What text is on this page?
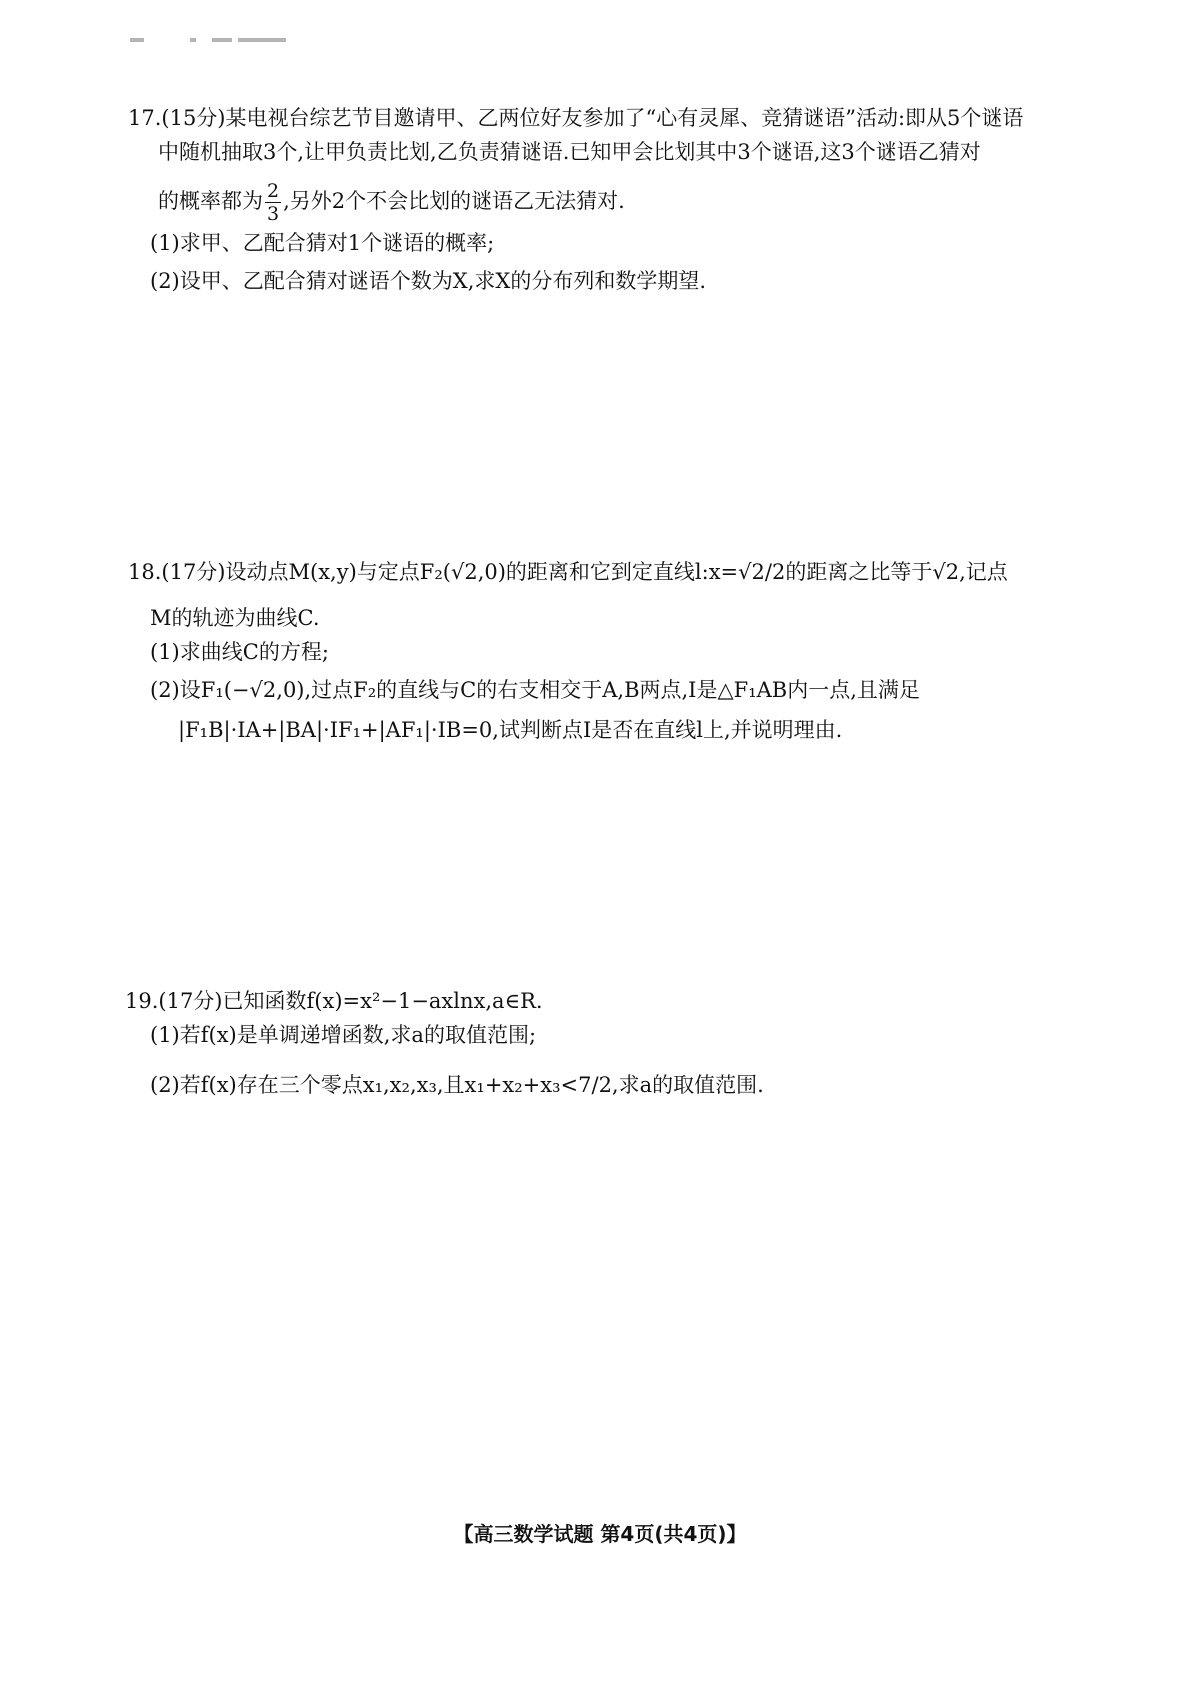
17.(15分)某电视台综艺节目邀请甲、乙两位好友参加了“心有灵犀、竞猜谜语”活动:即从5个谜语
中随机抽取3个,让甲负责比划,乙负责猜谜语.已知甲会比划其中3个谜语,这3个谜语乙猜对
的概率都为 $\frac{2}{3}$ ,另外2个不会比划的谜语乙无法猜对.
(1)求甲、乙配合猜对1个谜语的概率;
(2)设甲、乙配合猜对谜语个数为X,求X的分布列和数学期望.
18.(17分)设动点M(x,y)与定点F₂(√2,0)的距离和它到定直线l:x=√2/2的距离之比等于√2,记点
M的轨迹为曲线C.
(1)求曲线C的方程;
(2)设F₁(−√2,0),过点F₂的直线与C的右支相交于A,B两点,I是△F₁AB内一点,且满足
|F₁B|·IA+|BA|·IF₁+|AF₁|·IB=0,试判断点I是否在直线l上,并说明理由.
19.(17分)已知函数f(x)=x²−1−axlnx,a∈R.
(1)若f(x)是单调递增函数,求a的取值范围;
(2)若f(x)存在三个零点x₁,x₂,x₃,且x₁+x₂+x₃<7/2,求a的取值范围.
【高三数学试题 第4页(共4页)】
